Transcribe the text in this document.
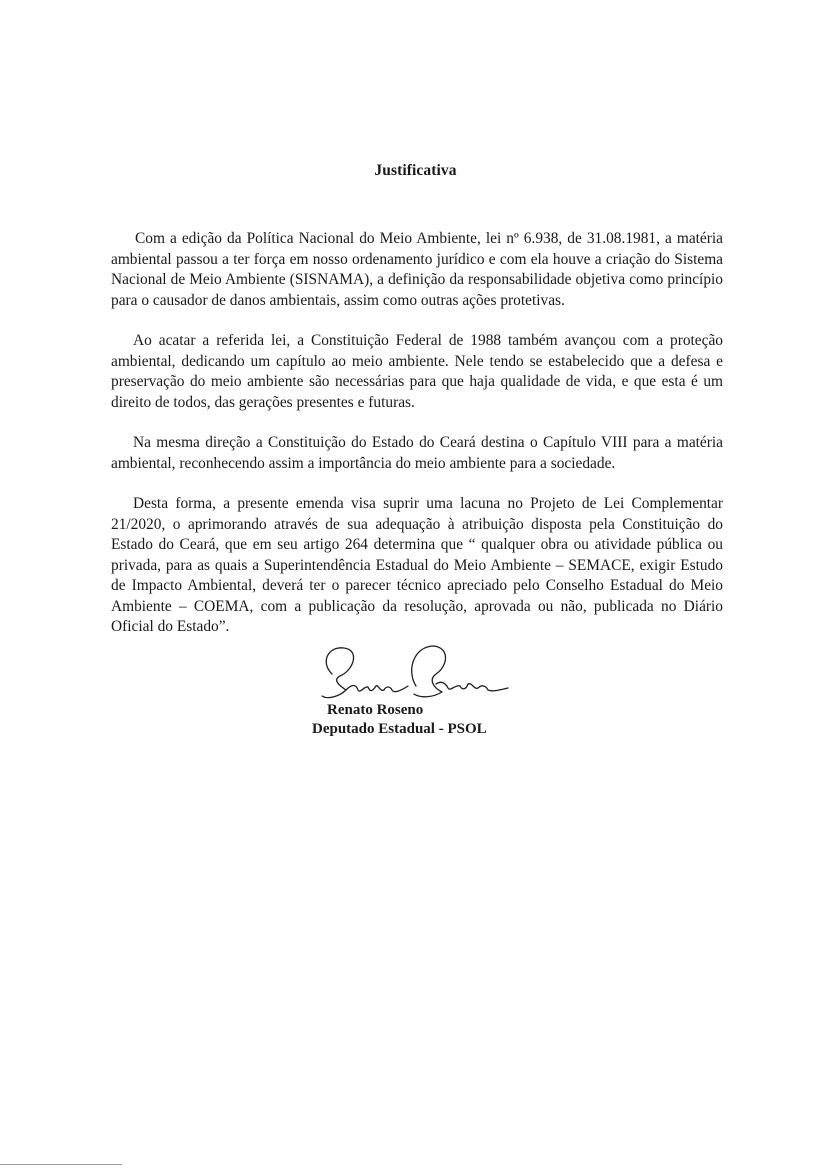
Justificativa

Com a edição da Política Nacional do Meio Ambiente, lei nº 6.938, de 31.08.1981, a matéria ambiental passou a ter força em nosso ordenamento jurídico e com ela houve a criação do Sistema Nacional de Meio Ambiente (SISNAMA), a definição da responsabilidade objetiva como princípio para o causador de danos ambientais, assim como outras ações protetivas.

Ao acatar a referida lei, a Constituição Federal de 1988 também avançou com a proteção ambiental, dedicando um capítulo ao meio ambiente. Nele tendo se estabelecido que a defesa e preservação do meio ambiente são necessárias para que haja qualidade de vida, e que esta é um direito de todos, das gerações presentes e futuras.

Na mesma direção a Constituição do Estado do Ceará destina o Capítulo VIII para a matéria ambiental, reconhecendo assim a importância do meio ambiente para a sociedade.

Desta forma, a presente emenda visa suprir uma lacuna no Projeto de Lei Complementar 21/2020, o aprimorando através de sua adequação à atribuição disposta pela Constituição do Estado do Ceará, que em seu artigo 264 determina que “ qualquer obra ou atividade pública ou privada, para as quais a Superintendência Estadual do Meio Ambiente – SEMACE, exigir Estudo de Impacto Ambiental, deverá ter o parecer técnico apreciado pelo Conselho Estadual do Meio Ambiente – COEMA, com a publicação da resolução, aprovada ou não, publicada no Diário Oficial do Estado”.

Renato Roseno
Deputado Estadual - PSOL
